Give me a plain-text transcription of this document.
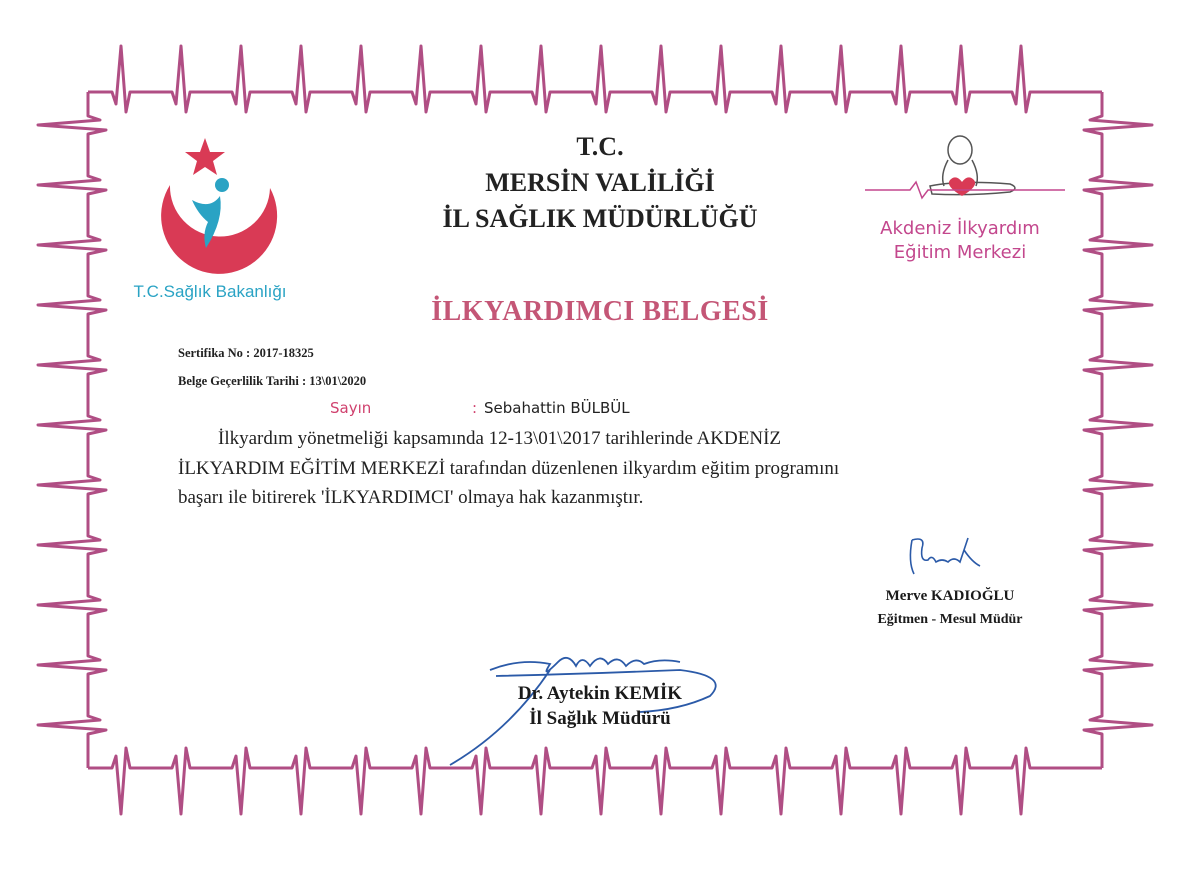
T.C.Sağlık Bakanlığı
T.C.
MERSİN VALİLİĞİ
İL SAĞLIK MÜDÜRLÜĞÜ	Akdeniz İlkyardım
Eğitim Merkezi
İLKYARDIMCI BELGESİ
Sertifika No : 2017-18325
Belge Geçerlilik Tarihi : 13\01\2020
Sayın	: Sebahattin BÜLBÜL
İlkyardım yönetmeliği kapsamında 12-13\01\2017 tarihlerinde AKDENİZ
İLKYARDIM EĞİTİM MERKEZİ tarafından düzenlenen ilkyardım eğitim programını
başarı ile bitirerek 'İLKYARDIMCI' olmaya hak kazanmıştır.
Merve KADIOĞLU
Eğitmen - Mesul Müdür
Dr. Aytekin KEMİK
İl Sağlık Müdürü
